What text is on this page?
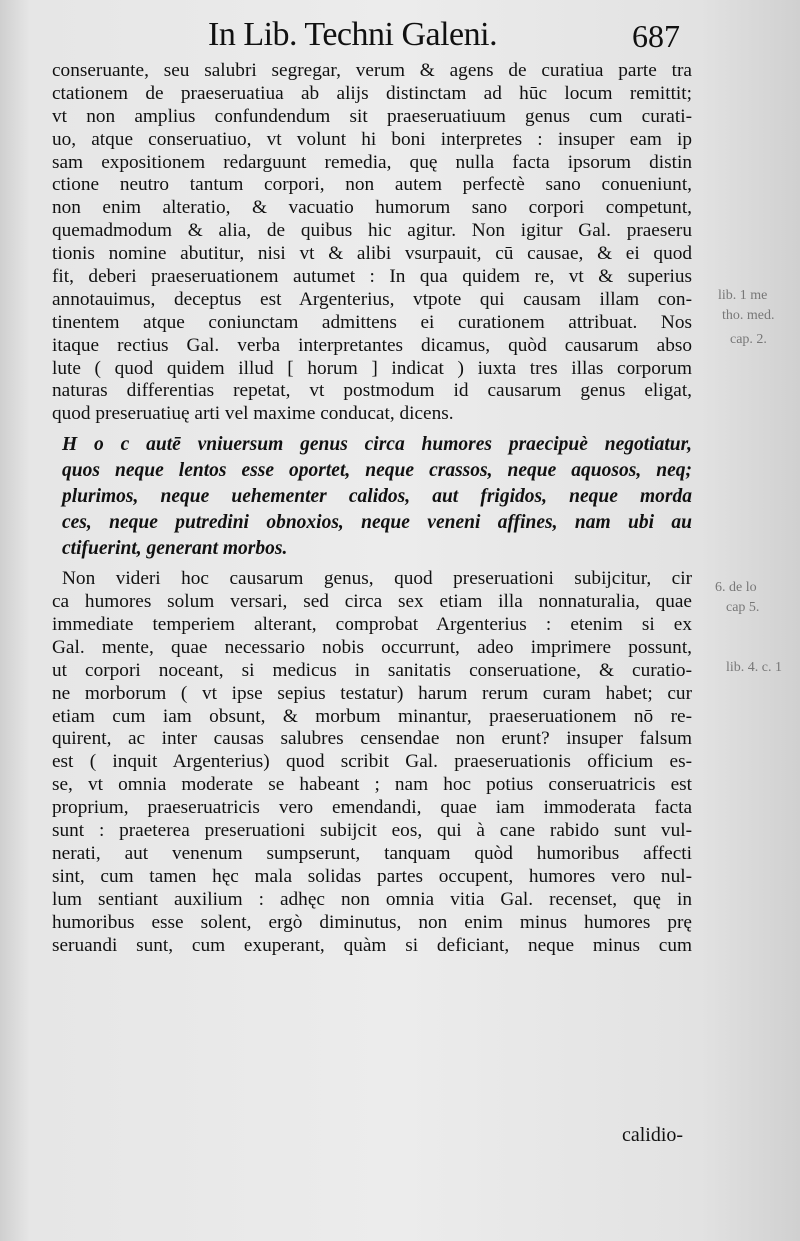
In Lib. Techni Galeni.	687
conseruante, seu salubri segregar, verum & agens de curatiua parte tra
ctationem de praeseruatiua ab alijs distinctam ad hūc locum remittit;
vt non amplius confundendum sit praeseruatiuum genus cum curati-
uo, atque conseruatiuo, vt volunt hi boni interpretes : insuper eam ip
sam expositionem redarguunt remedia, quę nulla facta ipsorum distin
ctione neutro tantum corpori, non autem perfectè sano conueniunt,
non enim alteratio, & vacuatio humorum sano corpori competunt,
quemadmodum & alia, de quibus hic agitur. Non igitur Gal. praeseru
tionis nomine abutitur, nisi vt & alibi vsurpauit, cū causae, & ei quod
fit, deberi praeseruationem autumet : In qua quidem re, vt & superius
annotauimus, deceptus est Argenterius, vtpote qui causam illam con-
tinentem atque coniunctam admittens ei curationem attribuat. Nos
itaque rectius Gal. verba interpretantes dicamus, quòd causarum abso
lute ( quod quidem illud [ horum ] indicat ) iuxta tres illas corporum
naturas differentias repetat, vt postmodum id causarum genus eligat,
quod preseruatiuę arti vel maxime conducat, dicens.
H o c autē vniuersum genus circa humores praecipuè negotiatur,
quos neque lentos esse oportet, neque crassos, neque aquosos, neq;
plurimos, neque uehementer calidos, aut frigidos, neque morda
ces, neque putredini obnoxios, neque veneni affines, nam ubi au
ctifuerint, generant morbos.
Non videri hoc causarum genus, quod preseruationi subijcitur, cir
ca humores solum versari, sed circa sex etiam illa nonnaturalia, quae
immediate temperiem alterant, comprobat Argenterius : etenim si ex
Gal. mente, quae necessario nobis occurrunt, adeo imprimere possunt,
ut corpori noceant, si medicus in sanitatis conseruatione, & curatio-
ne morborum ( vt ipse sepius testatur) harum rerum curam habet; cur
etiam cum iam obsunt, & morbum minantur, praeseruationem nō re-
quirent, ac inter causas salubres censendae non erunt? insuper falsum
est ( inquit Argenterius) quod scribit Gal. praeseruationis officium es-
se, vt omnia moderate se habeant ; nam hoc potius conseruatricis est
proprium, praeseruatricis vero emendandi, quae iam immoderata facta
sunt : praeterea preseruationi subijcit eos, qui à cane rabido sunt vul-
nerati, aut venenum sumpserunt, tanquam quòd humoribus affecti
sint, cum tamen hęc mala solidas partes occupent, humores vero nul-
lum sentiant auxilium : adhęc non omnia vitia Gal. recenset, quę in
humoribus esse solent, ergò diminutus, non enim minus humores prę
seruandi sunt, cum exuperant, quàm si deficiant, neque minus cum
calidio-
lib. 1 me
tho. med.
cap. 2.
6. de lo
cap 5.
lib. 4. c. 1
